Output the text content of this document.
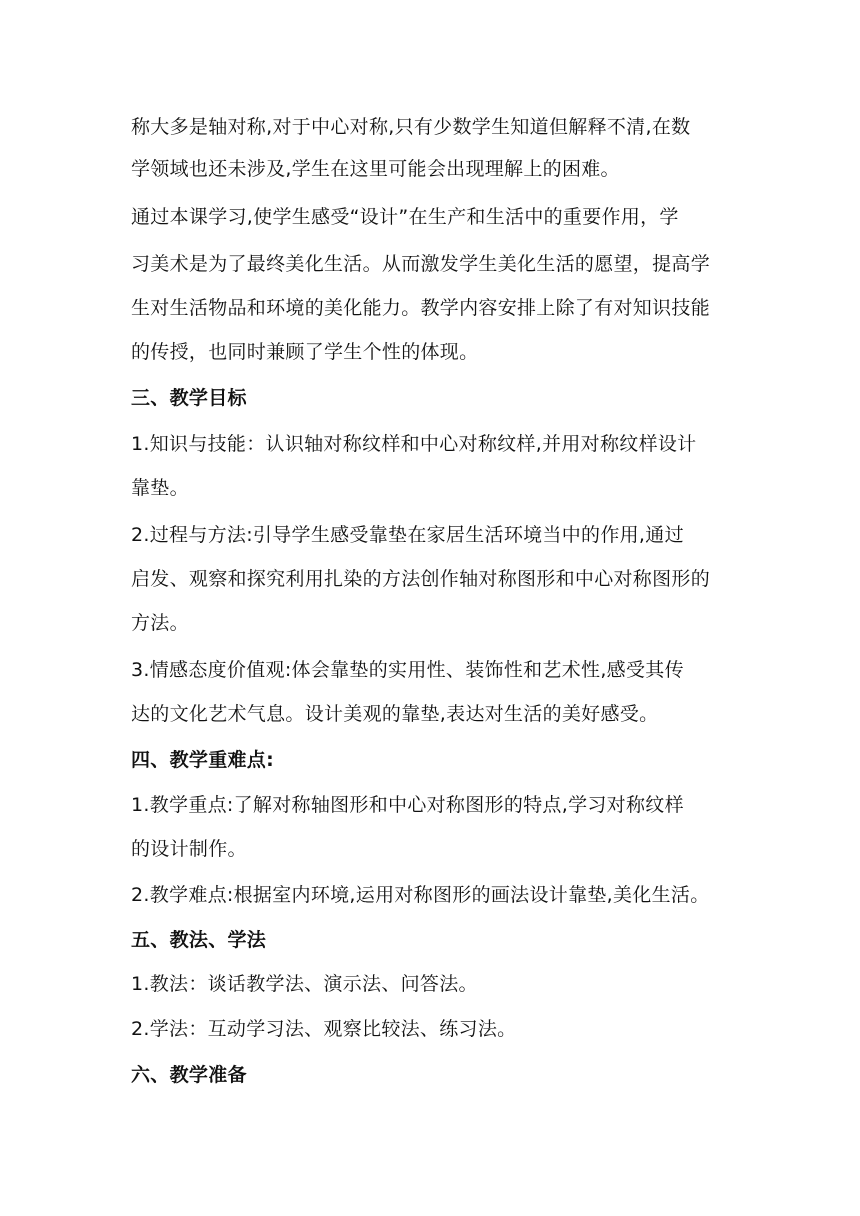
称大多是轴对称,对于中心对称,只有少数学生知道但解释不清,在数
学领域也还未涉及,学生在这里可能会出现理解上的困难。
通过本课学习,使学生感受“设计”在生产和生活中的重要作用，学
习美术是为了最终美化生活。从而激发学生美化生活的愿望，提高学
生对生活物品和环境的美化能力。教学内容安排上除了有对知识技能
的传授，也同时兼顾了学生个性的体现。
三、教学目标
1.知识与技能：认识轴对称纹样和中心对称纹样,并用对称纹样设计
靠垫。
2.过程与方法:引导学生感受靠垫在家居生活环境当中的作用,通过
启发、观察和探究利用扎染的方法创作轴对称图形和中心对称图形的
方法。
3.情感态度价值观:体会靠垫的实用性、装饰性和艺术性,感受其传
达的文化艺术气息。设计美观的靠垫,表达对生活的美好感受。
四、教学重难点:
1.教学重点:了解对称轴图形和中心对称图形的特点,学习对称纹样
的设计制作。
2.教学难点:根据室内环境,运用对称图形的画法设计靠垫,美化生活。
五、教法、学法
1.教法：谈话教学法、演示法、问答法。
2.学法：互动学习法、观察比较法、练习法。
六、教学准备
